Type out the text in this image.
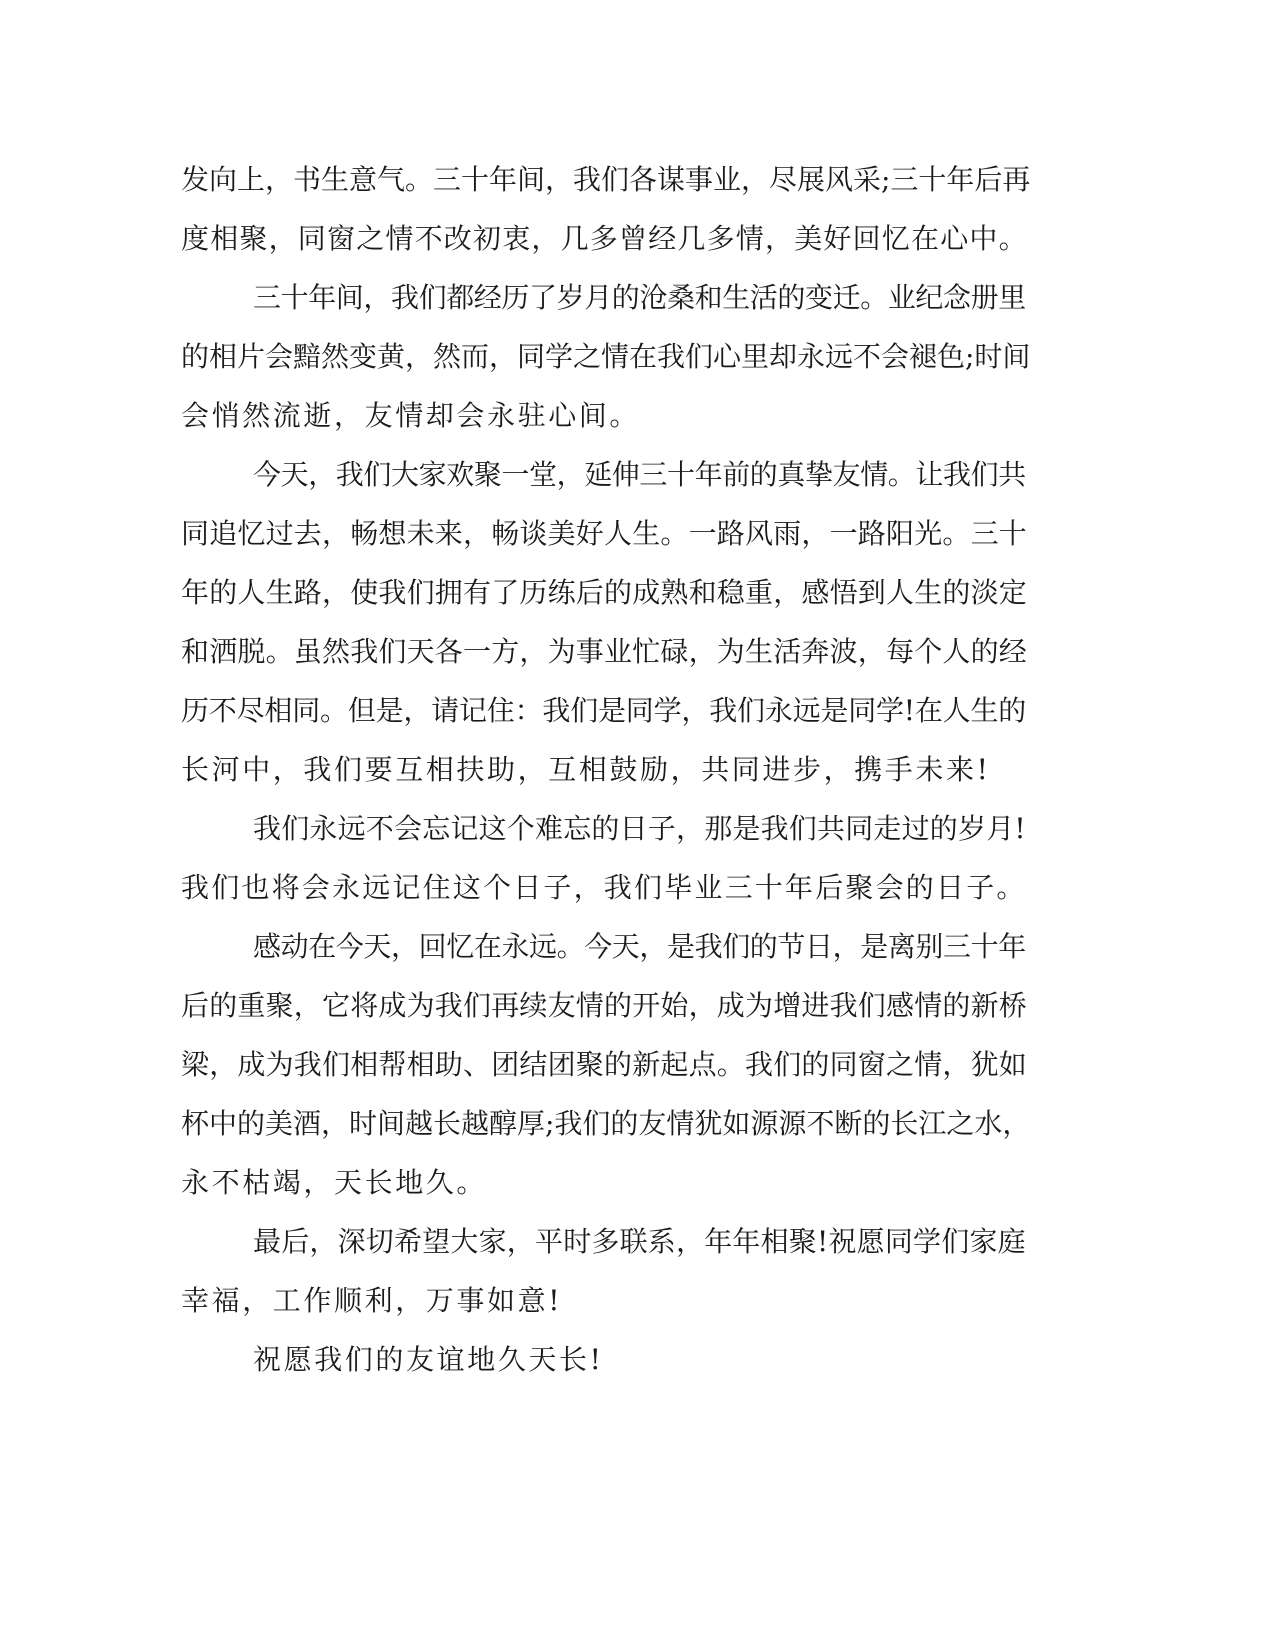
发向上，书生意气。三十年间，我们各谋事业，尽展风采;三十年后再
度相聚，同窗之情不改初衷，几多曾经几多情，美好回忆在心中。
三十年间，我们都经历了岁月的沧桑和生活的变迁。业纪念册里
的相片会黯然变黄，然而，同学之情在我们心里却永远不会褪色;时间
会悄然流逝，友情却会永驻心间。
今天，我们大家欢聚一堂，延伸三十年前的真挚友情。让我们共
同追忆过去，畅想未来，畅谈美好人生。一路风雨，一路阳光。三十
年的人生路，使我们拥有了历练后的成熟和稳重，感悟到人生的淡定
和洒脱。虽然我们天各一方，为事业忙碌，为生活奔波，每个人的经
历不尽相同。但是，请记住：我们是同学，我们永远是同学!在人生的
长河中，我们要互相扶助，互相鼓励，共同进步，携手未来!
我们永远不会忘记这个难忘的日子，那是我们共同走过的岁月!
我们也将会永远记住这个日子，我们毕业三十年后聚会的日子。
感动在今天，回忆在永远。今天，是我们的节日，是离别三十年
后的重聚，它将成为我们再续友情的开始，成为增进我们感情的新桥
梁，成为我们相帮相助、团结团聚的新起点。我们的同窗之情，犹如
杯中的美酒，时间越长越醇厚;我们的友情犹如源源不断的长江之水，
永不枯竭，天长地久。
最后，深切希望大家，平时多联系，年年相聚!祝愿同学们家庭
幸福，工作顺利，万事如意!
祝愿我们的友谊地久天长!
